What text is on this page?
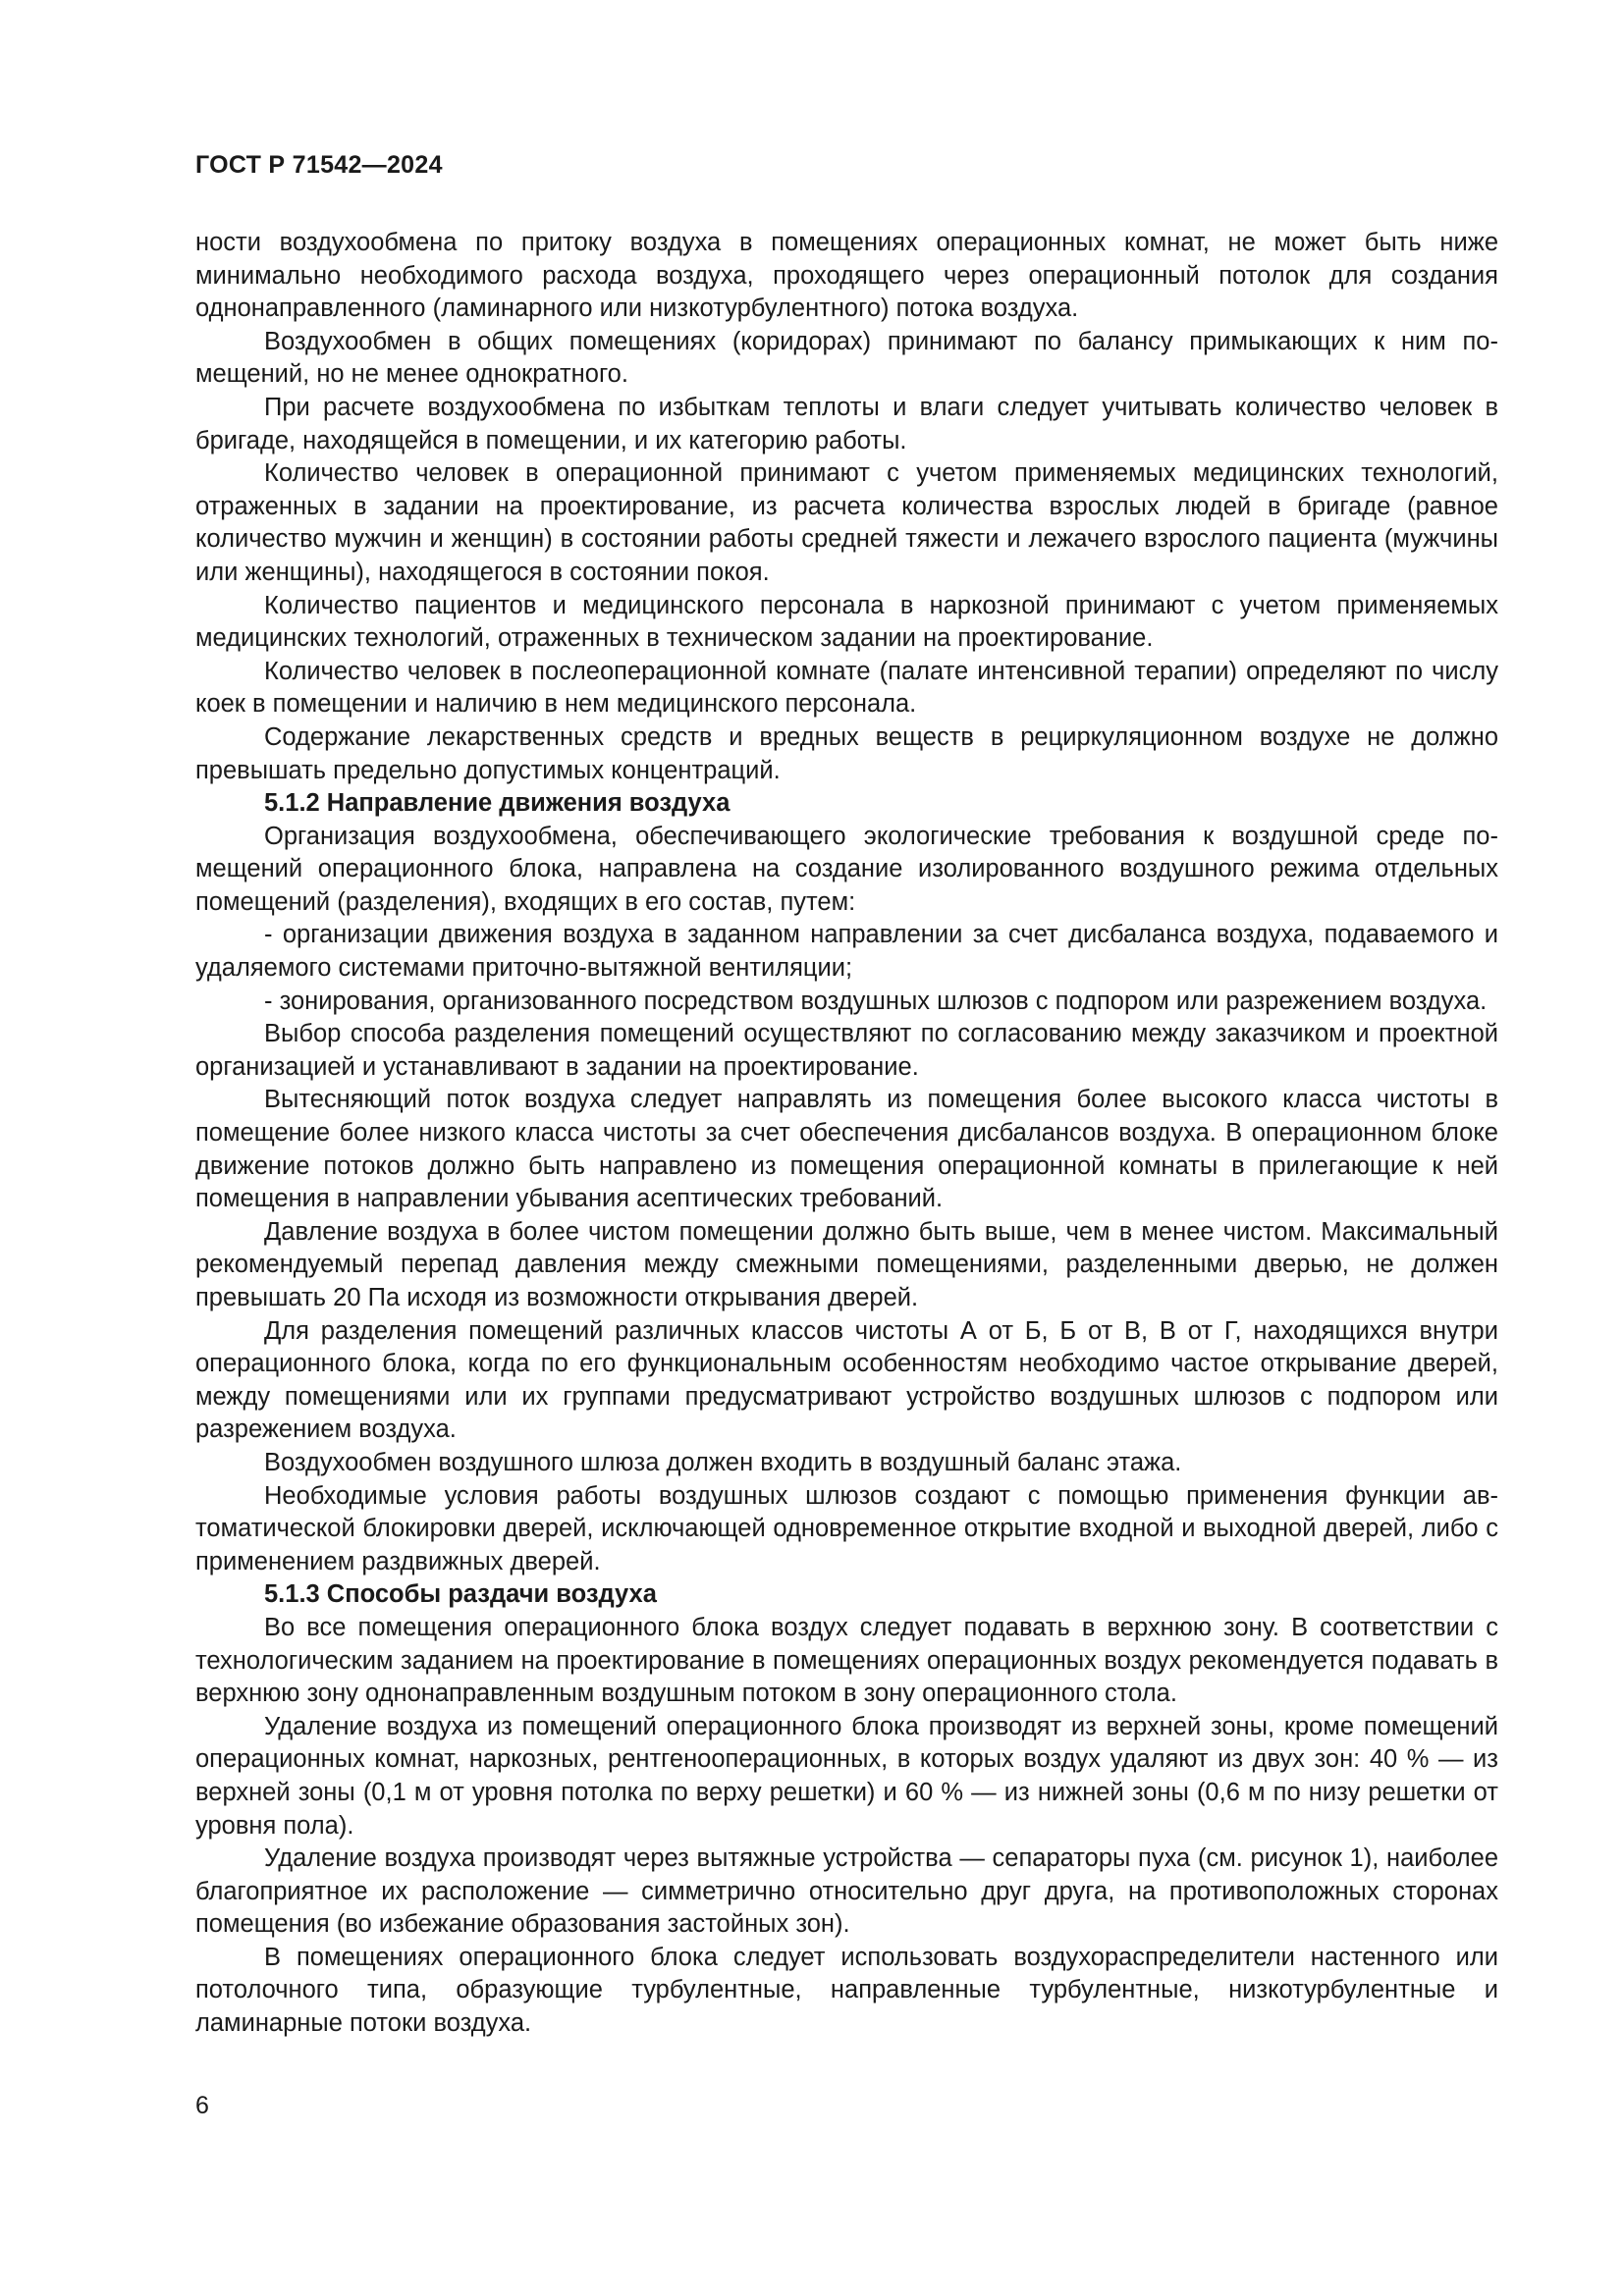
ГОСТ Р 71542—2024

ности воздухообмена по притоку воздуха в помещениях операционных комнат, не может быть ниже минимально необходимого расхода воздуха, проходящего через операционный потолок для создания однонаправленного (ламинарного или низкотурбулентного) потока воздуха.

Воздухообмен в общих помещениях (коридорах) принимают по балансу примыкающих к ним помещений, но не менее однократного.

При расчете воздухообмена по избыткам теплоты и влаги следует учитывать количество человек в бригаде, находящейся в помещении, и их категорию работы.

Количество человек в операционной принимают с учетом применяемых медицинских технологий, отраженных в задании на проектирование, из расчета количества взрослых людей в бригаде (равное количество мужчин и женщин) в состоянии работы средней тяжести и лежачего взрослого пациента (мужчины или женщины), находящегося в состоянии покоя.

Количество пациентов и медицинского персонала в наркозной принимают с учетом применяемых медицинских технологий, отраженных в техническом задании на проектирование.

Количество человек в послеоперационной комнате (палате интенсивной терапии) определяют по числу коек в помещении и наличию в нем медицинского персонала.

Содержание лекарственных средств и вредных веществ в рециркуляционном воздухе не должно превышать предельно допустимых концентраций.

5.1.2 Направление движения воздуха

Организация воздухообмена, обеспечивающего экологические требования к воздушной среде помещений операционного блока, направлена на создание изолированного воздушного режима отдельных помещений (разделения), входящих в его состав, путем:

- организации движения воздуха в заданном направлении за счет дисбаланса воздуха, подаваемого и удаляемого системами приточно-вытяжной вентиляции;

- зонирования, организованного посредством воздушных шлюзов с подпором или разрежением воздуха.

Выбор способа разделения помещений осуществляют по согласованию между заказчиком и проектной организацией и устанавливают в задании на проектирование.

Вытесняющий поток воздуха следует направлять из помещения более высокого класса чистоты в помещение более низкого класса чистоты за счет обеспечения дисбалансов воздуха. В операционном блоке движение потоков должно быть направлено из помещения операционной комнаты в прилегающие к ней помещения в направлении убывания асептических требований.

Давление воздуха в более чистом помещении должно быть выше, чем в менее чистом. Максимальный рекомендуемый перепад давления между смежными помещениями, разделенными дверью, не должен превышать 20 Па исходя из возможности открывания дверей.

Для разделения помещений различных классов чистоты А от Б, Б от В, В от Г, находящихся внутри операционного блока, когда по его функциональным особенностям необходимо частое открывание дверей, между помещениями или их группами предусматривают устройство воздушных шлюзов с подпором или разрежением воздуха.

Воздухообмен воздушного шлюза должен входить в воздушный баланс этажа.

Необходимые условия работы воздушных шлюзов создают с помощью применения функции автоматической блокировки дверей, исключающей одновременное открытие входной и выходной дверей, либо с применением раздвижных дверей.

5.1.3 Способы раздачи воздуха

Во все помещения операционного блока воздух следует подавать в верхнюю зону. В соответствии с технологическим заданием на проектирование в помещениях операционных воздух рекомендуется подавать в верхнюю зону однонаправленным воздушным потоком в зону операционного стола.

Удаление воздуха из помещений операционного блока производят из верхней зоны, кроме помещений операционных комнат, наркозных, рентгенооперационных, в которых воздух удаляют из двух зон: 40 % — из верхней зоны (0,1 м от уровня потолка по верху решетки) и 60 % — из нижней зоны (0,6 м по низу решетки от уровня пола).

Удаление воздуха производят через вытяжные устройства — сепараторы пуха (см. рисунок 1), наиболее благоприятное их расположение — симметрично относительно друг друга, на противоположных сторонах помещения (во избежание образования застойных зон).

В помещениях операционного блока следует использовать воздухораспределители настенного или потолочного типа, образующие турбулентные, направленные турбулентные, низкотурбулентные и ламинарные потоки воздуха.

6
